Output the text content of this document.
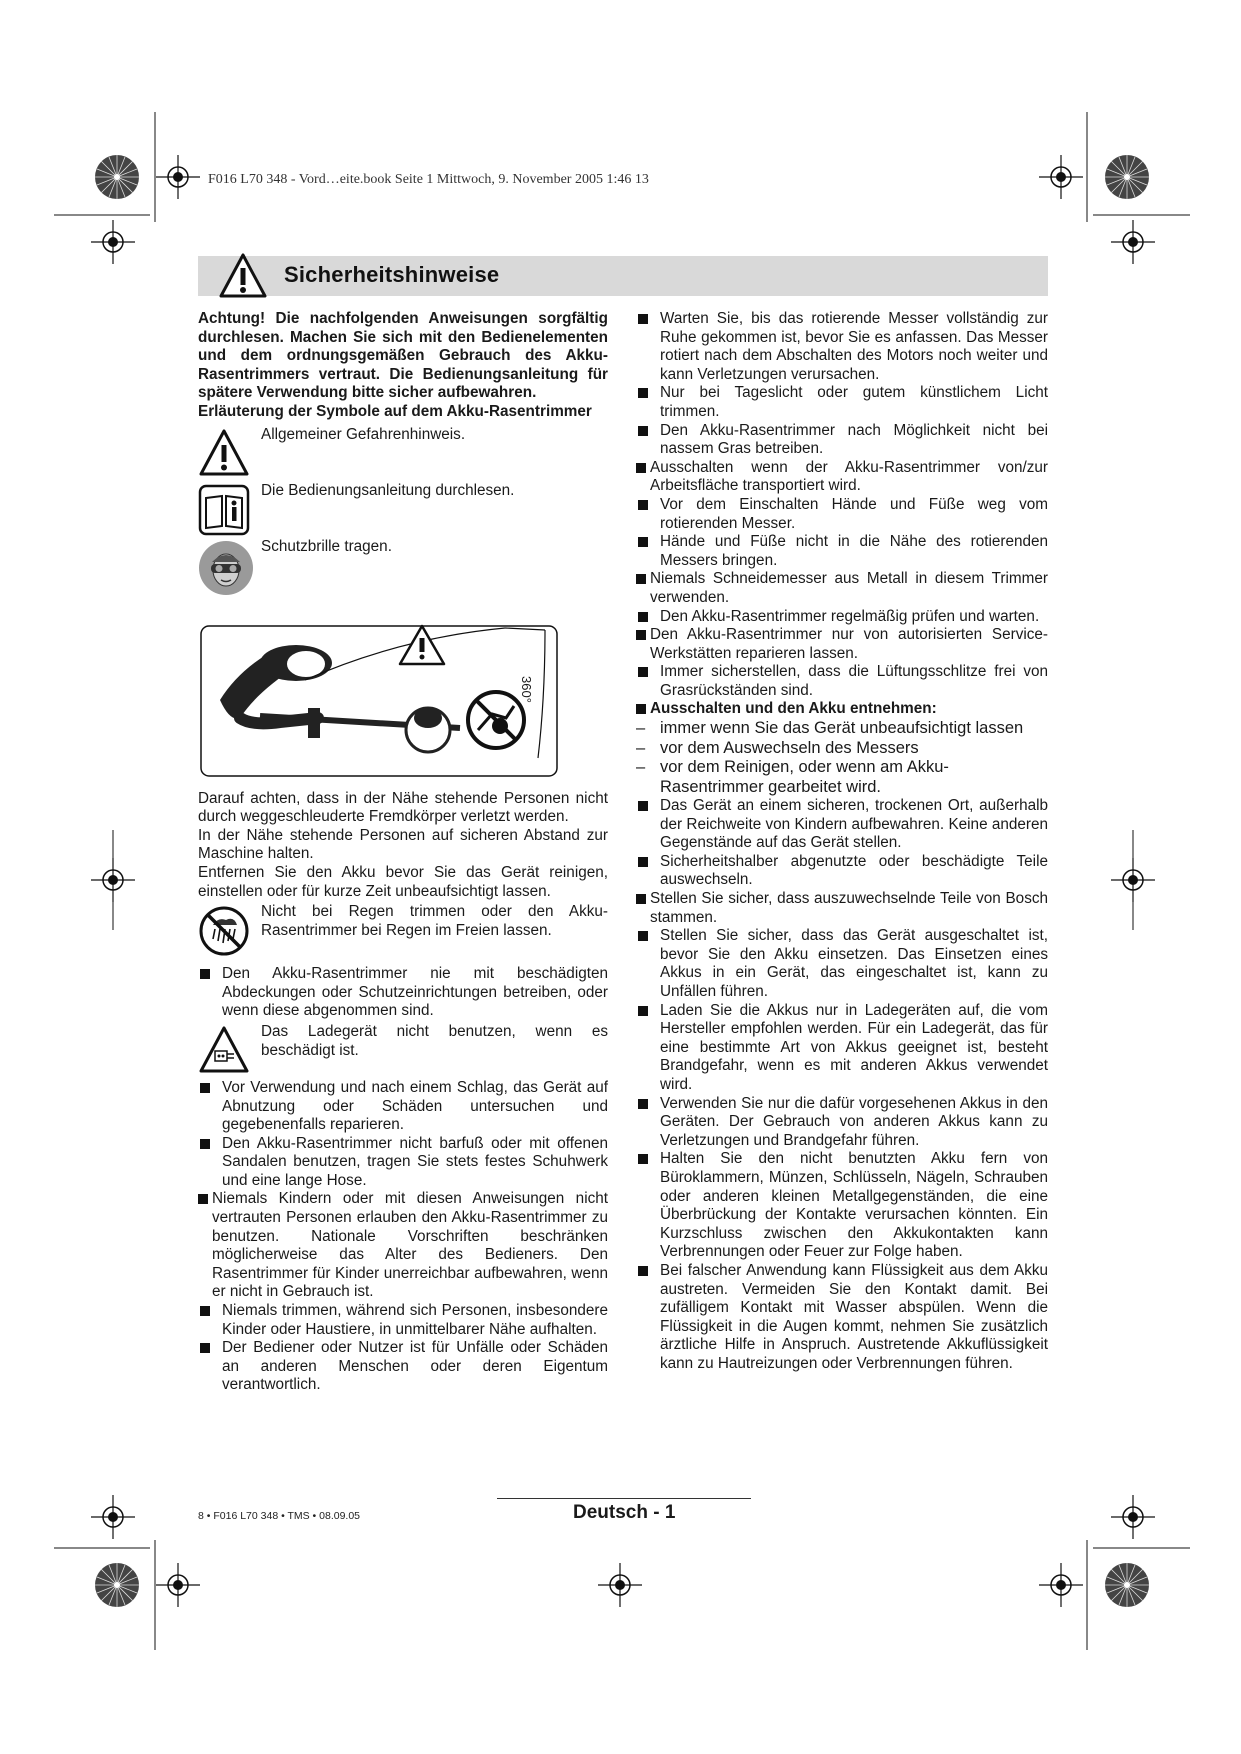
F016 L70 348 - Vord…eite.book Seite 1 Mittwoch, 9. November 2005 1:46 13
Sicherheitshinweise

Achtung! Die nachfolgenden Anweisungen sorgfältig durchlesen. Machen Sie sich mit den Bedienelementen und dem ordnungsgemäßen Gebrauch des Akku-Rasentrimmers vertraut. Die Bedienungsanleitung für spätere Verwendung bitte sicher aufbewahren.

Erläuterung der Symbole auf dem Akku-Rasentrimmer

Allgemeiner Gefahrenhinweis.
Die Bedienungsanleitung durchlesen.
Schutzbrille tragen.
360°

Darauf achten, dass in der Nähe stehende Personen nicht durch weggeschleuderte Fremdkörper verletzt werden.

In der Nähe stehende Personen auf sicheren Abstand zur Maschine halten.

Entfernen Sie den Akku bevor Sie das Gerät reinigen, einstellen oder für kurze Zeit unbeaufsichtigt lassen.

Nicht bei Regen trimmen oder den Akku-Rasentrimmer bei Regen im Freien lassen.
Den Akku-Rasentrimmer nie mit beschädigten Abdeckungen oder Schutzeinrichtungen betreiben, oder wenn diese abgenommen sind.
Das Ladegerät nicht benutzen, wenn es beschädigt ist.
Vor Verwendung und nach einem Schlag, das Gerät auf Abnutzung oder Schäden untersuchen und gegebenenfalls reparieren.
Den Akku-Rasentrimmer nicht barfuß oder mit offenen Sandalen benutzen, tragen Sie stets festes Schuhwerk und eine lange Hose.
Niemals Kindern oder mit diesen Anweisungen nicht vertrauten Personen erlauben den Akku-Rasentrimmer zu benutzen. Nationale Vorschriften beschränken möglicherweise das Alter des Bedieners. Den Rasentrimmer für Kinder unerreichbar aufbewahren, wenn er nicht in Gebrauch ist.
Niemals trimmen, während sich Personen, insbesondere Kinder oder Haustiere, in unmittelbarer Nähe aufhalten.
Der Bediener oder Nutzer ist für Unfälle oder Schäden an anderen Menschen oder deren Eigentum verantwortlich.
Warten Sie, bis das rotierende Messer vollständig zur Ruhe gekommen ist, bevor Sie es anfassen. Das Messer rotiert nach dem Abschalten des Motors noch weiter und kann Verletzungen verursachen.
Nur bei Tageslicht oder gutem künstlichem Licht trimmen.
Den Akku-Rasentrimmer nach Möglichkeit nicht bei nassem Gras betreiben.
Ausschalten wenn der Akku-Rasentrimmer von/zur Arbeitsfläche transportiert wird.
Vor dem Einschalten Hände und Füße weg vom rotierenden Messer.
Hände und Füße nicht in die Nähe des rotierenden Messers bringen.
Niemals Schneidemesser aus Metall in diesem Trimmer verwenden.
Den Akku-Rasentrimmer regelmäßig prüfen und warten.
Den Akku-Rasentrimmer nur von autorisierten Service-Werkstätten reparieren lassen.
Immer sicherstellen, dass die Lüftungsschlitze frei von Grasrückständen sind.
Ausschalten und den Akku entnehmen:
– immer wenn Sie das Gerät unbeaufsichtigt lassen
– vor dem Auswechseln des Messers
– vor dem Reinigen, oder wenn am Akku-Rasentrimmer gearbeitet wird.
Das Gerät an einem sicheren, trockenen Ort, außerhalb der Reichweite von Kindern aufbewahren. Keine anderen Gegenstände auf das Gerät stellen.
Sicherheitshalber abgenutzte oder beschädigte Teile auswechseln.
Stellen Sie sicher, dass auszuwechselnde Teile von Bosch stammen.
Stellen Sie sicher, dass das Gerät ausgeschaltet ist, bevor Sie den Akku einsetzen. Das Einsetzen eines Akkus in ein Gerät, das eingeschaltet ist, kann zu Unfällen führen.
Laden Sie die Akkus nur in Ladegeräten auf, die vom Hersteller empfohlen werden. Für ein Ladegerät, das für eine bestimmte Art von Akkus geeignet ist, besteht Brandgefahr, wenn es mit anderen Akkus verwendet wird.
Verwenden Sie nur die dafür vorgesehenen Akkus in den Geräten. Der Gebrauch von anderen Akkus kann zu Verletzungen und Brandgefahr führen.
Halten Sie den nicht benutzten Akku fern von Büroklammern, Münzen, Schlüsseln, Nägeln, Schrauben oder anderen kleinen Metallgegenständen, die eine Überbrückung der Kontakte verursachen könnten. Ein Kurzschluss zwischen den Akkukontakten kann Verbrennungen oder Feuer zur Folge haben.
Bei falscher Anwendung kann Flüssigkeit aus dem Akku austreten. Vermeiden Sie den Kontakt damit. Bei zufälligem Kontakt mit Wasser abspülen. Wenn die Flüssigkeit in die Augen kommt, nehmen Sie zusätzlich ärztliche Hilfe in Anspruch. Austretende Akkuflüssigkeit kann zu Hautreizungen oder Verbrennungen führen.
8 • F016 L70 348 • TMS • 08.09.05	Deutsch - 1
